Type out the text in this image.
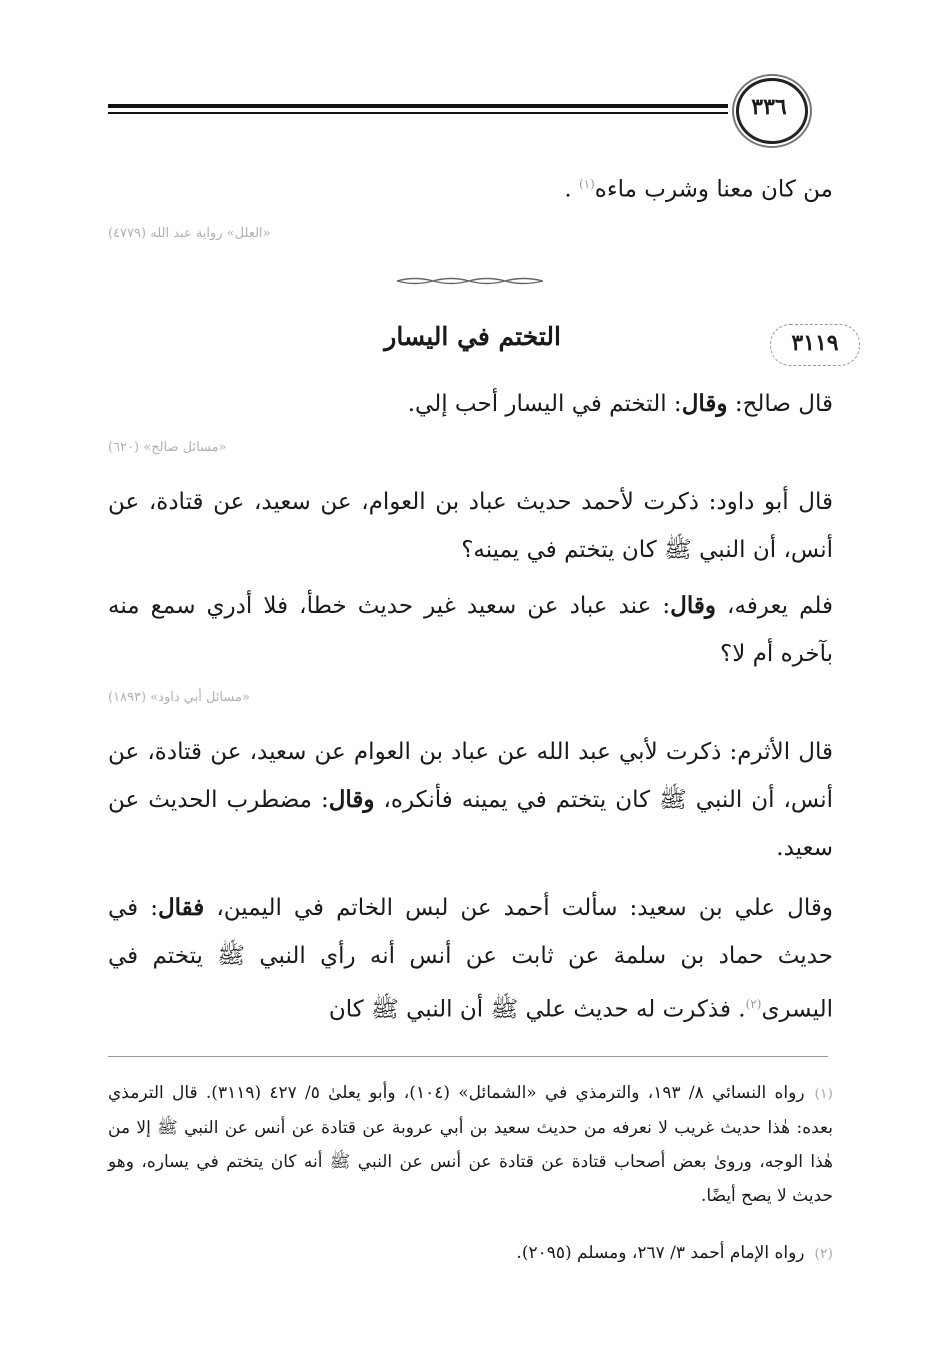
٣٣٦
من كان معنا وشرب ماءه$^{(١)}$ .
«العلل» رواية عبد الله (٤٧٧٩)
٣١١٩
التختم في اليسار
قال صالح: وقال: التختم في اليسار أحب إلي.
«مسائل صالح» (٦٢٠)
قال أبو داود: ذكرت لأحمد حديث عباد بن العوام، عن سعيد، عن قتادة، عن أنس، أن النبي ﷺ كان يتختم في يمينه؟
فلم يعرفه، وقال: عند عباد عن سعيد غير حديث خطأ، فلا أدري سمع منه بآخره أم لا؟
«مسائل أبي داود» (١٨٩٣)
قال الأثرم: ذكرت لأبي عبد الله عن عباد بن العوام عن سعيد، عن قتادة، عن أنس، أن النبي ﷺ كان يتختم في يمينه فأنكره، وقال: مضطرب الحديث عن سعيد.
وقال علي بن سعيد: سألت أحمد عن لبس الخاتم في اليمين، فقال: في حديث حماد بن سلمة عن ثابت عن أنس أنه رأي النبي ﷺ يتختم في اليسرى$^{(٢)}$. فذكرت له حديث علي ﷺ أن النبي ﷺ كان
(١)رواه النسائي ٨/ ١٩٣، والترمذي في «الشمائل» (١٠٤)، وأبو يعلىٰ ٥/ ٤٢٧ (٣١١٩). قال الترمذي بعده: هٰذا حديث غريب لا نعرفه من حديث سعيد بن أبي عروبة عن قتادة عن أنس عن النبي ﷺ إلا من هٰذا الوجه، وروىٰ بعض أصحاب قتادة عن قتادة عن أنس عن النبي ﷺ أنه كان يتختم في يساره، وهو حديث لا يصح أيضًا.
(٢)رواه الإمام أحمد ٣/ ٢٦٧، ومسلم (٢٠٩٥).
